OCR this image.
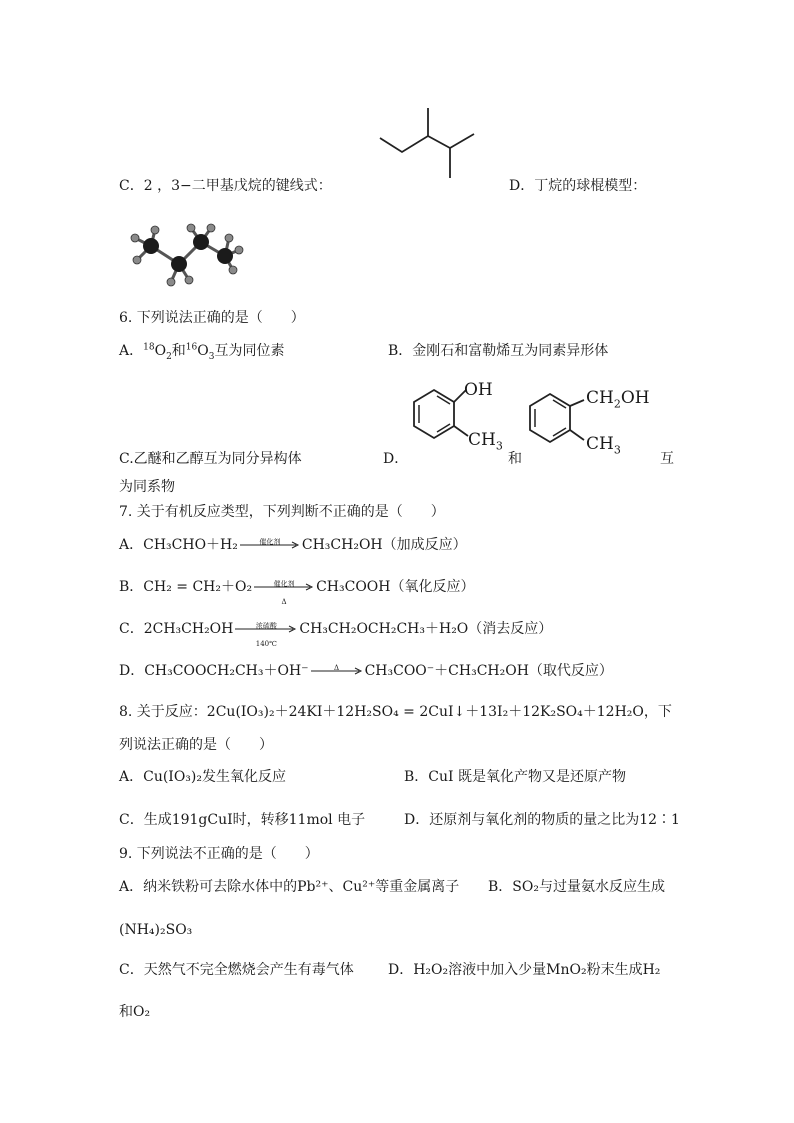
C．2 ，3−二甲基戊烷的键线式：	D．丁烷的球棍模型：
6. 下列说法正确的是（　　）
A．$^{18}O_2$和$^{16}O_3$互为同位素	B．金刚石和富勒烯互为同素异形体
OH
$CH_3$
$CH_2OH$
$CH_3$
C.乙醚和乙醇互为同分异构体	D．	和	互
为同系物
7. 关于有机反应类型，下列判断不正确的是（　　）
A．CH₃CHO＋H₂	催化剂	CH₃CH₂OH（加成反应）
B．CH₂ = CH₂＋O₂	催化剂
Δ
CH₃COOH（氧化反应）
C．2CH₃CH₂OH	浓硫酸
140℃
CH₃CH₂OCH₂CH₃＋H₂O（消去反应）
D．CH₃COOCH₂CH₃＋OH⁻	Δ	CH₃COO⁻＋CH₃CH₂OH（取代反应）
8. 关于反应：2Cu(IO₃)₂＋24KI＋12H₂SO₄ = 2CuI↓＋13I₂＋12K₂SO₄＋12H₂O，下
列说法正确的是（　　）
A．Cu(IO₃)₂发生氧化反应	B．CuI 既是氧化产物又是还原产物
C．生成191gCuI时，转移11mol 电子	D．还原剂与氧化剂的物质的量之比为12∶1
9. 下列说法不正确的是（　　）
A．纳米铁粉可去除水体中的Pb²⁺、Cu²⁺等重金属离子 B．SO₂与过量氨水反应生成
(NH₄)₂SO₃
C．天然气不完全燃烧会产生有毒气体 D．H₂O₂溶液中加入少量MnO₂粉末生成H₂
和O₂
